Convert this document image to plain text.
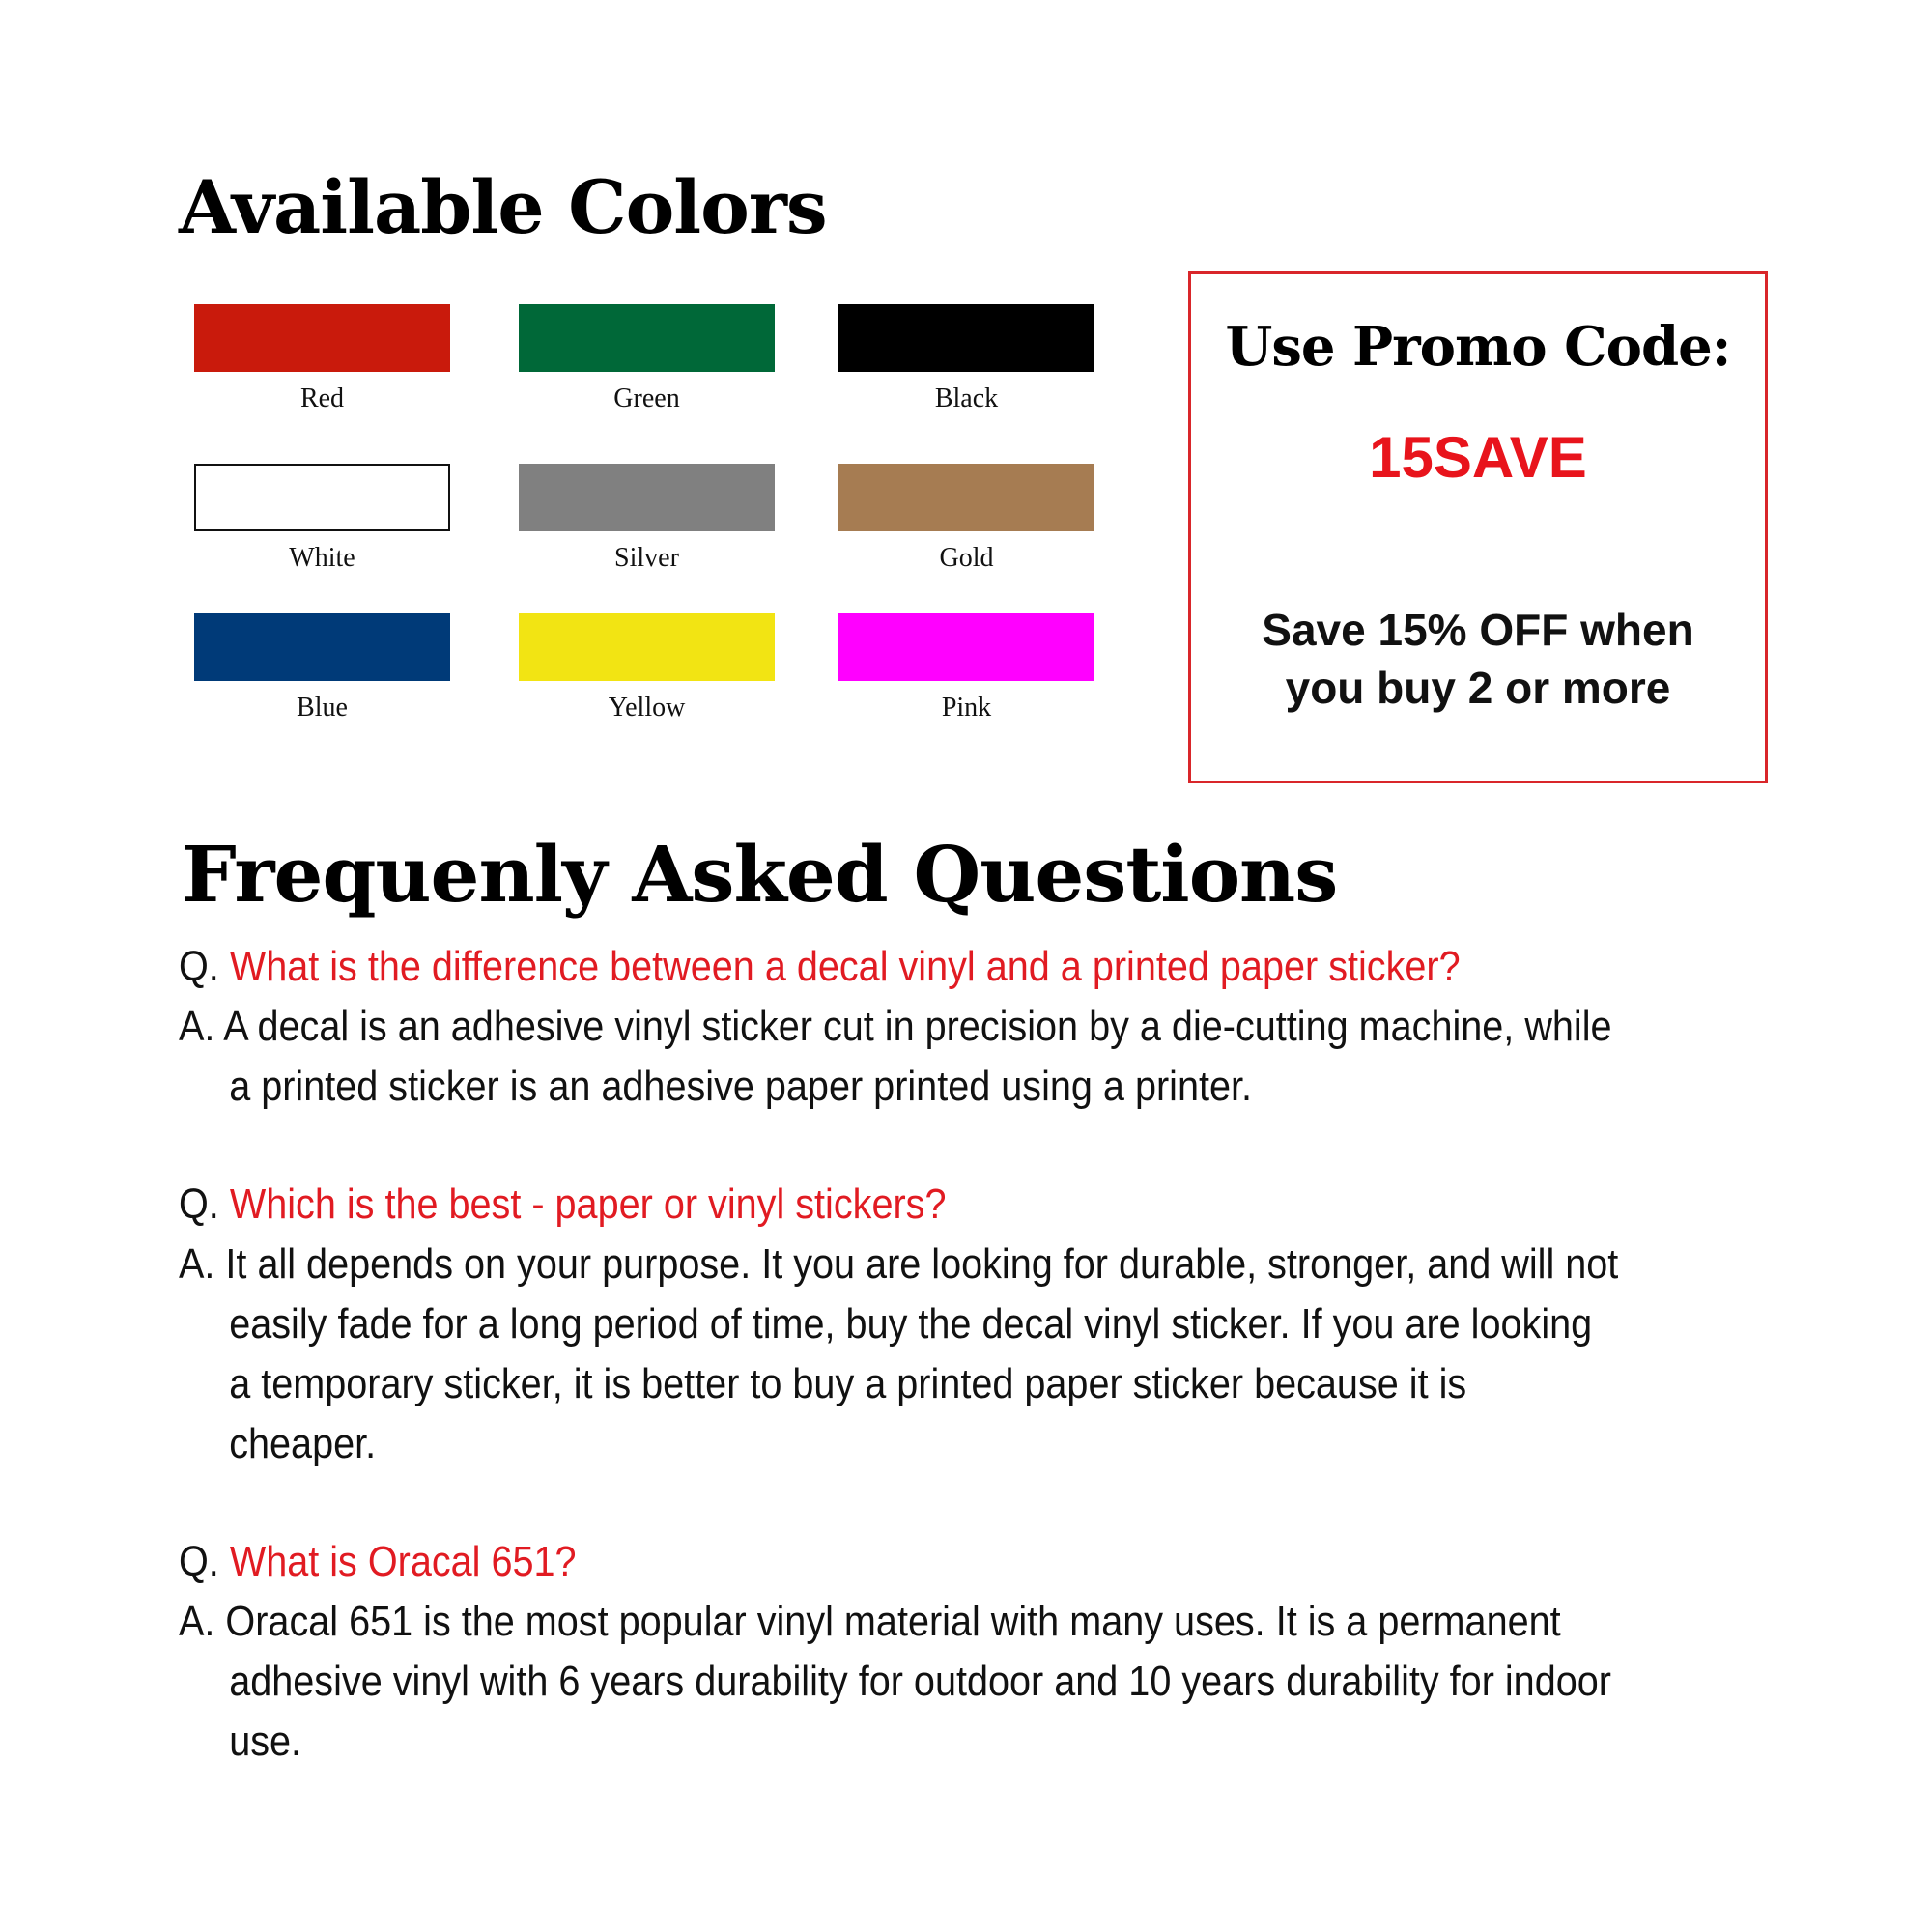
Available Colors
Red	Green	Black
White	Silver	Gold
Blue	Yellow	Pink
Use Promo Code:
15SAVE
Save 15% OFF when
you buy 2 or more
Frequenly Asked Questions
Q. What is the difference between a decal vinyl and a printed paper sticker?
A. A decal is an adhesive vinyl sticker cut in precision by a die-cutting machine, while a printed sticker is an adhesive paper printed using a printer.
Q. Which is the best - paper or vinyl stickers?
A. It all depends on your purpose. It you are looking for durable, stronger, and will not easily fade for a long period of time, buy the decal vinyl sticker. If you are looking a temporary sticker, it is better to buy a printed paper sticker because it is cheaper.
Q. What is Oracal 651?
A. Oracal 651 is the most popular vinyl material with many uses. It is a permanent adhesive vinyl with 6 years durability for outdoor and 10 years durability for indoor use.
